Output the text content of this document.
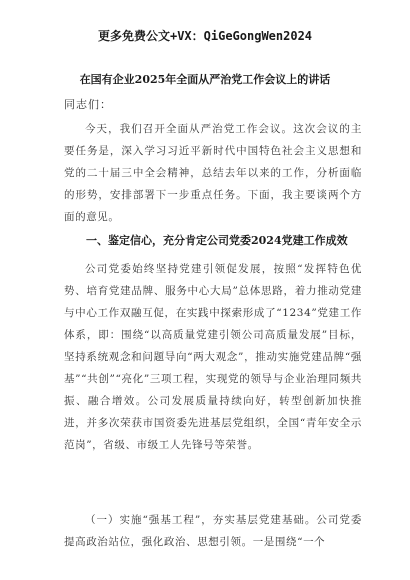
更多免费公文+VX：QiGeGongWen2024
在国有企业2025年全面从严治党工作会议上的讲话
同志们：
今天，我们召开全面从严治党工作会议。这次会议的主要任务是，深入学习习近平新时代中国特色社会主义思想和党的二十届三中全会精神，总结去年以来的工作，分析面临的形势，安排部署下一步重点任务。下面，我主要谈两个方面的意见。
一、鉴定信心，充分肯定公司党委2024党建工作成效
公司党委始终坚持党建引领促发展，按照“发挥特色优势、培育党建品牌、服务中心大局”总体思路，着力推动党建与中心工作双融互促，在实践中探索形成了“1234”党建工作体系，即：围绕“以高质量党建引领公司高质量发展”目标，坚持系统观念和问题导向“两大观念”，推动实施党建品牌“强基”“共创”“亮化”三项工程，实现党的领导与企业治理同频共振、融合增效。公司发展质量持续向好，转型创新加快推进，并多次荣获市国资委先进基层党组织，全国“青年安全示范岗”，省级、市级工人先锋号等荣誉。
（一）实施“强基工程”，夯实基层党建基础。公司党委提高政治站位，强化政治、思想引领。一是围绕“一个
